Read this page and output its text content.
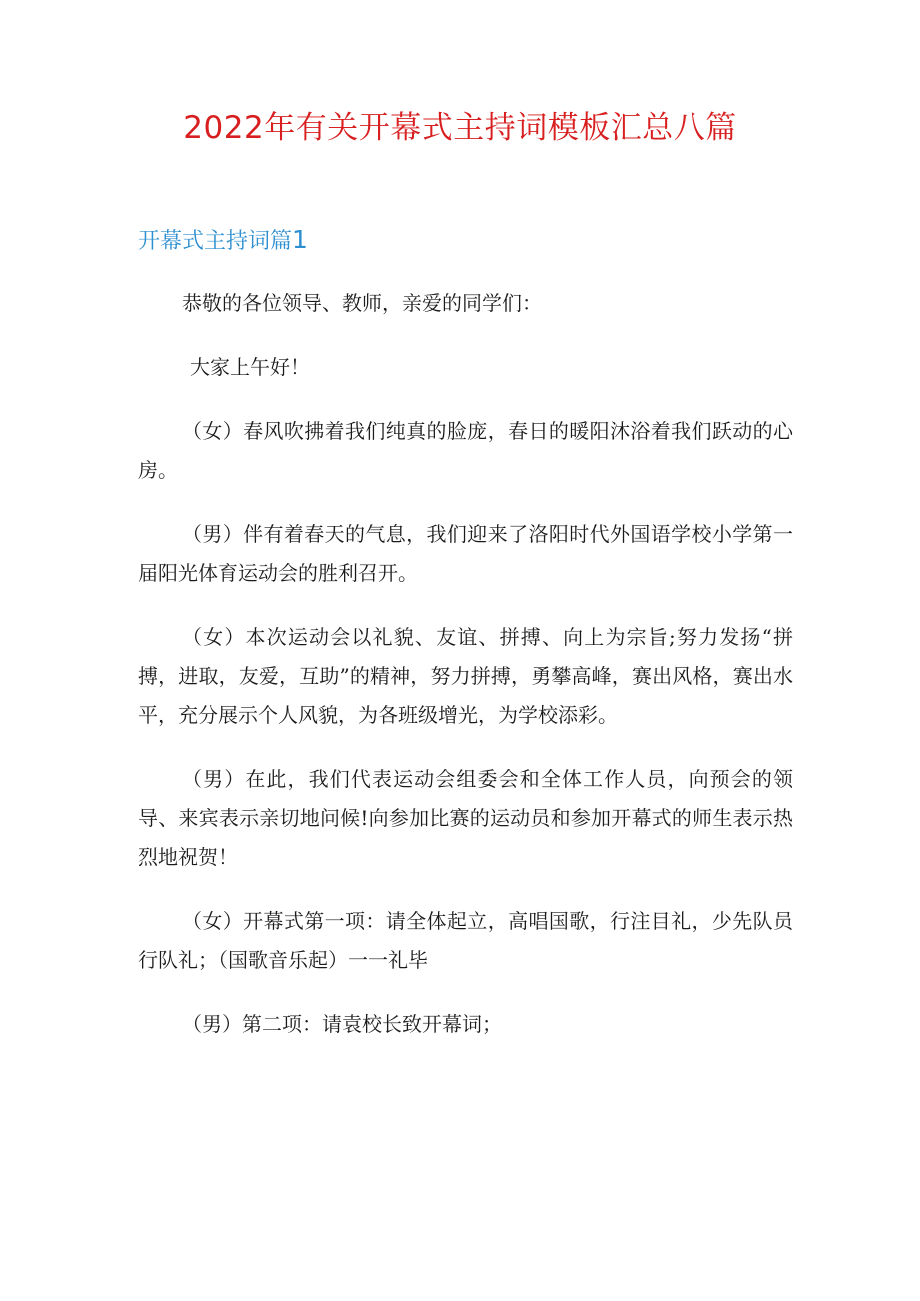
2022年有关开幕式主持词模板汇总八篇
开幕式主持词篇1

恭敬的各位领导、教师，亲爱的同学们：

大家上午好！

（女）春风吹拂着我们纯真的脸庞，春日的暖阳沐浴着我们跃动的心房。

（男）伴有着春天的气息，我们迎来了洛阳时代外国语学校小学第一届阳光体育运动会的胜利召开。

（女）本次运动会以礼貌、友谊、拼搏、向上为宗旨;努力发扬“拼搏，进取，友爱，互助”的精神，努力拼搏，勇攀高峰，赛出风格，赛出水平，充分展示个人风貌，为各班级增光，为学校添彩。

（男）在此，我们代表运动会组委会和全体工作人员，向预会的领导、来宾表示亲切地问候!向参加比赛的运动员和参加开幕式的师生表示热烈地祝贺！

（女）开幕式第一项：请全体起立，高唱国歌，行注目礼，少先队员行队礼；（国歌音乐起）一一礼毕

（男）第二项：请袁校长致开幕词；
